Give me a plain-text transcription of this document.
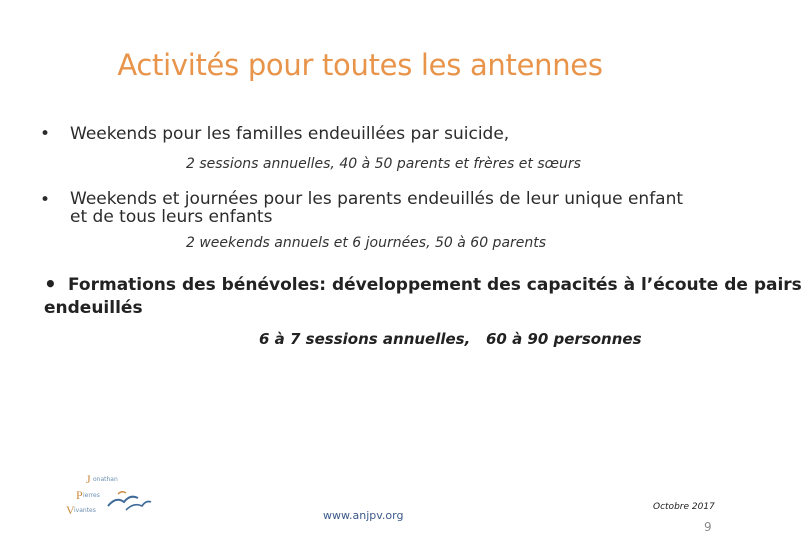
Activités pour toutes les antennes
• Weekends pour les familles endeuillées par suicide,
2 sessions annuelles, 40 à 50 parents et frères et sœurs
• Weekends et journées pour les parents endeuillés de leur unique enfant et de tous leurs enfants
2 weekends annuels et 6 journées, 50 à 60 parents
• Formations des bénévoles: développement des capacités à l’écoute de pairs
endeuillés
6 à 7 sessions annuelles,   60 à 90 personnes
J onathan
P ierres
V ivantes	www.anjpv.org
Octobre 2017
9
